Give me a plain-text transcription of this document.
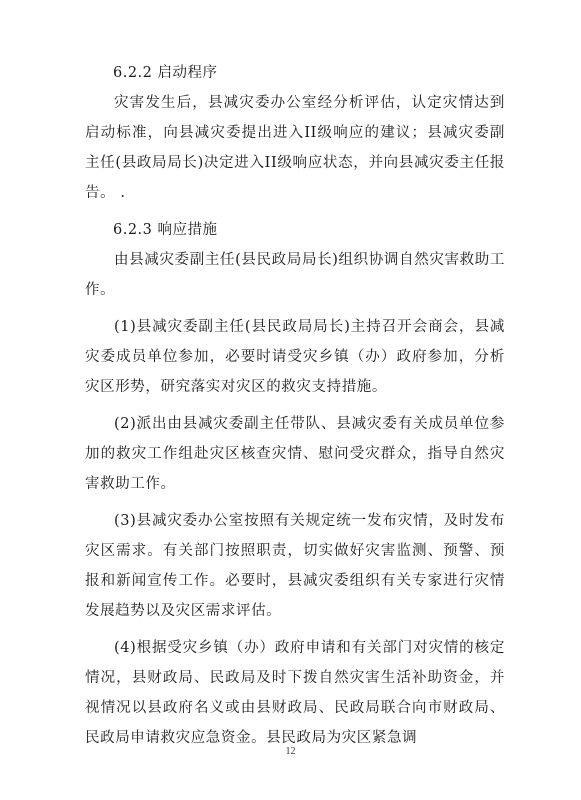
6.2.2 启动程序

灾害发生后，县减灾委办公室经分析评估，认定灾情达到启动标准，向县减灾委提出进入II级响应的建议；县减灾委副主任(县政局局长)决定进入II级响应状态，并向县减灾委主任报告。 .

6.2.3 响应措施

由县减灾委副主任(县民政局局长)组织协调自然灾害救助工作。

(1)县减灾委副主任(县民政局局长)主持召开会商会，县减灾委成员单位参加，必要时请受灾乡镇（办）政府参加，分析灾区形势，研究落实对灾区的救灾支持措施。

(2)派出由县减灾委副主任带队、县减灾委有关成员单位参加的救灾工作组赴灾区核查灾情、慰问受灾群众，指导自然灾害救助工作。

(3)县减灾委办公室按照有关规定统一发布灾情，及时发布灾区需求。有关部门按照职责，切实做好灾害监测、预警、预报和新闻宣传工作。必要时，县减灾委组织有关专家进行灾情发展趋势以及灾区需求评估。

(4)根据受灾乡镇（办）政府申请和有关部门对灾情的核定情况，县财政局、民政局及时下拨自然灾害生活补助资金，并视情况以县政府名义或由县财政局、民政局联合向市财政局、民政局申请救灾应急资金。县民政局为灾区紧急调

12
